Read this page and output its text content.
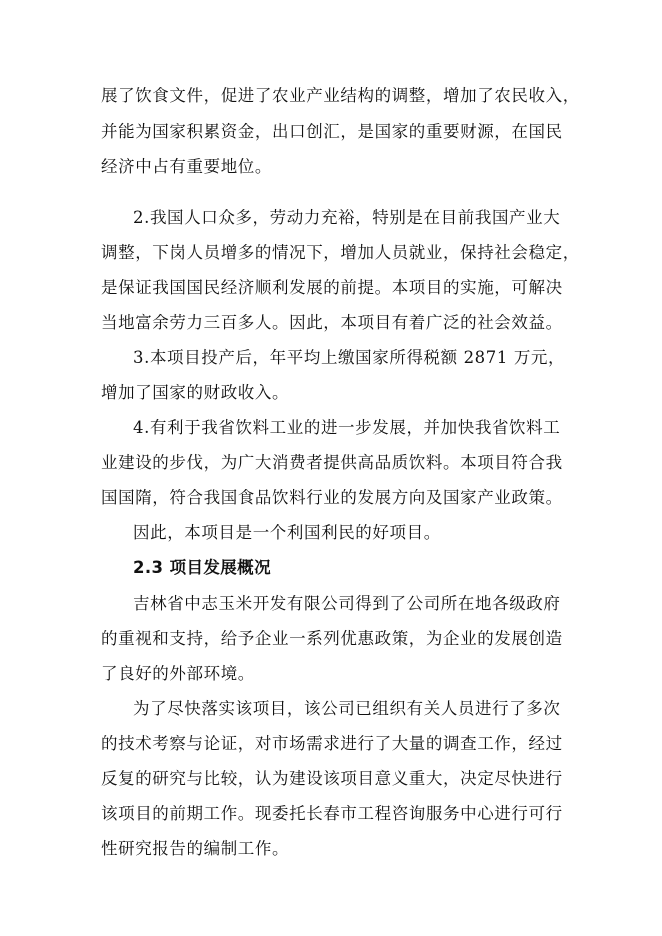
展了饮食文件，促进了农业产业结构的调整，增加了农民收入，
并能为国家积累资金，出口创汇，是国家的重要财源，在国民
经济中占有重要地位。
2.我国人口众多，劳动力充裕，特别是在目前我国产业大
调整，下岗人员增多的情况下，增加人员就业，保持社会稳定，
是保证我国国民经济顺利发展的前提。本项目的实施，可解决
当地富余劳力三百多人。因此，本项目有着广泛的社会效益。
3.本项目投产后，年平均上缴国家所得税额 2871 万元，
增加了国家的财政收入。
4.有利于我省饮料工业的进一步发展，并加快我省饮料工
业建设的步伐，为广大消费者提供高品质饮料。本项目符合我
国国隋，符合我国食品饮料行业的发展方向及国家产业政策。
因此，本项目是一个利国利民的好项目。
2.3 项目发展概况
吉林省中志玉米开发有限公司得到了公司所在地各级政府
的重视和支持，给予企业一系列优惠政策，为企业的发展创造
了良好的外部环境。
为了尽快落实该项目，该公司已组织有关人员进行了多次
的技术考察与论证，对市场需求进行了大量的调查工作，经过
反复的研究与比较，认为建设该项目意义重大，决定尽快进行
该项目的前期工作。现委托长春市工程咨询服务中心进行可行
性研究报告的编制工作。
